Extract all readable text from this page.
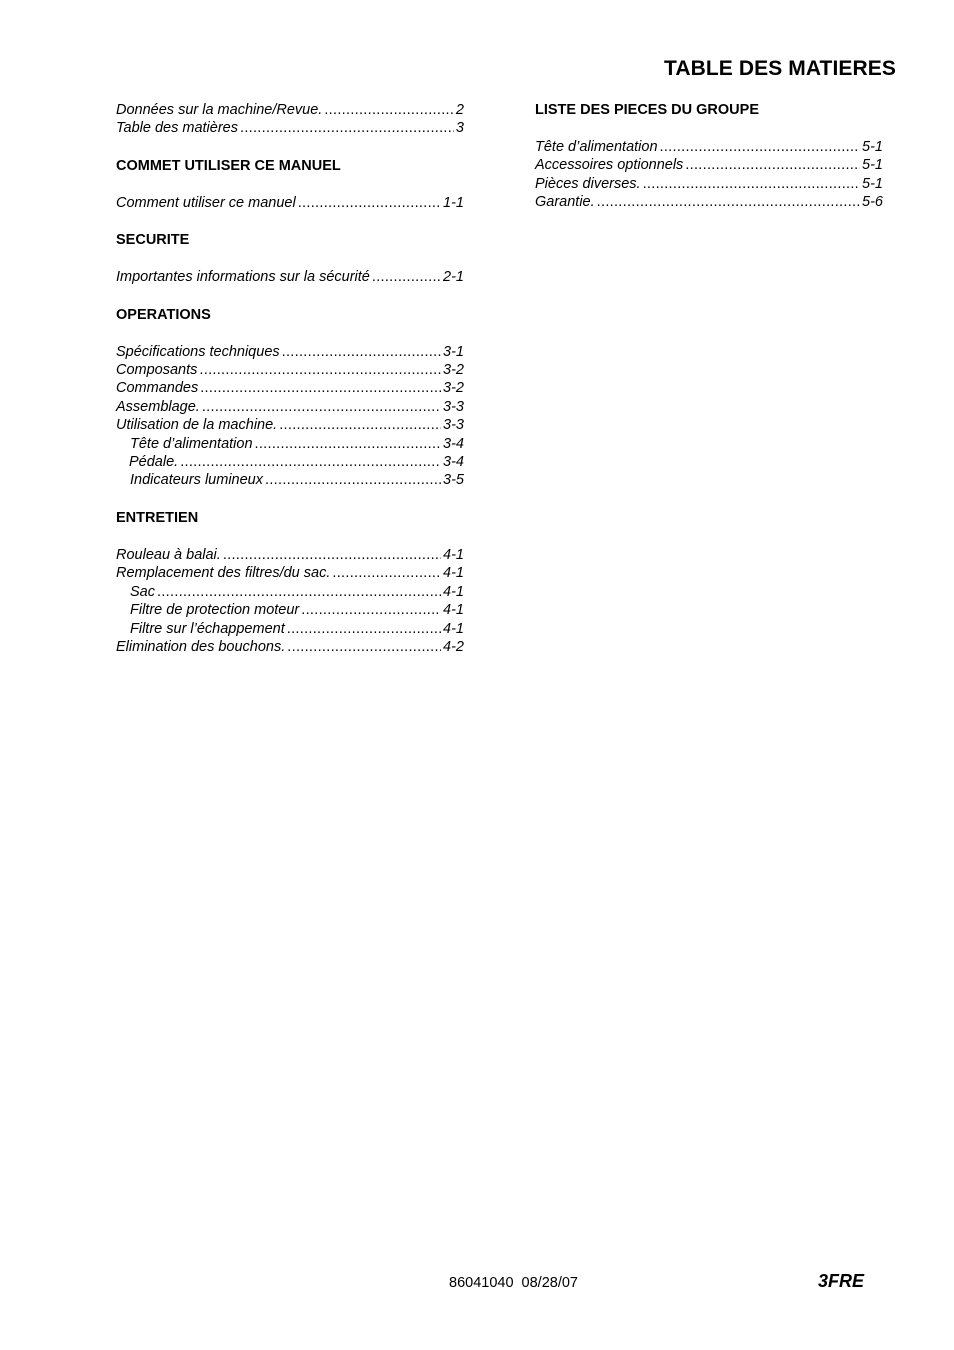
TABLE DES MATIERES
Données sur la machine/Revue. .....	2
Table des matières .....	3
COMMET UTILISER CE MANUEL
Comment utiliser ce manuel .....	1-1
SECURITE
Importantes informations sur la sécurité .....	2-1
OPERATIONS
Spécifications techniques .....	3-1
Composants .....	3-2
Commandes .....	3-2
Assemblage. .....	3-3
Utilisation de la machine. .....	3-3
Tête d’alimentation .....	3-4
Pédale. .....	3-4
Indicateurs lumineux .....	3-5
ENTRETIEN
Rouleau à balai. .....	4-1
Remplacement des filtres/du sac. .....	4-1
Sac .....	4-1
Filtre de protection moteur .....	4-1
Filtre sur l’échappement .....	4-1
Elimination des bouchons. .....	4-2
LISTE DES PIECES DU GROUPE
Tête d’alimentation .....	5-1
Accessoires optionnels .....	5-1
Pièces diverses. .....	5-1
Garantie. .....	5-6
86041040 08/28/07	3FRE
